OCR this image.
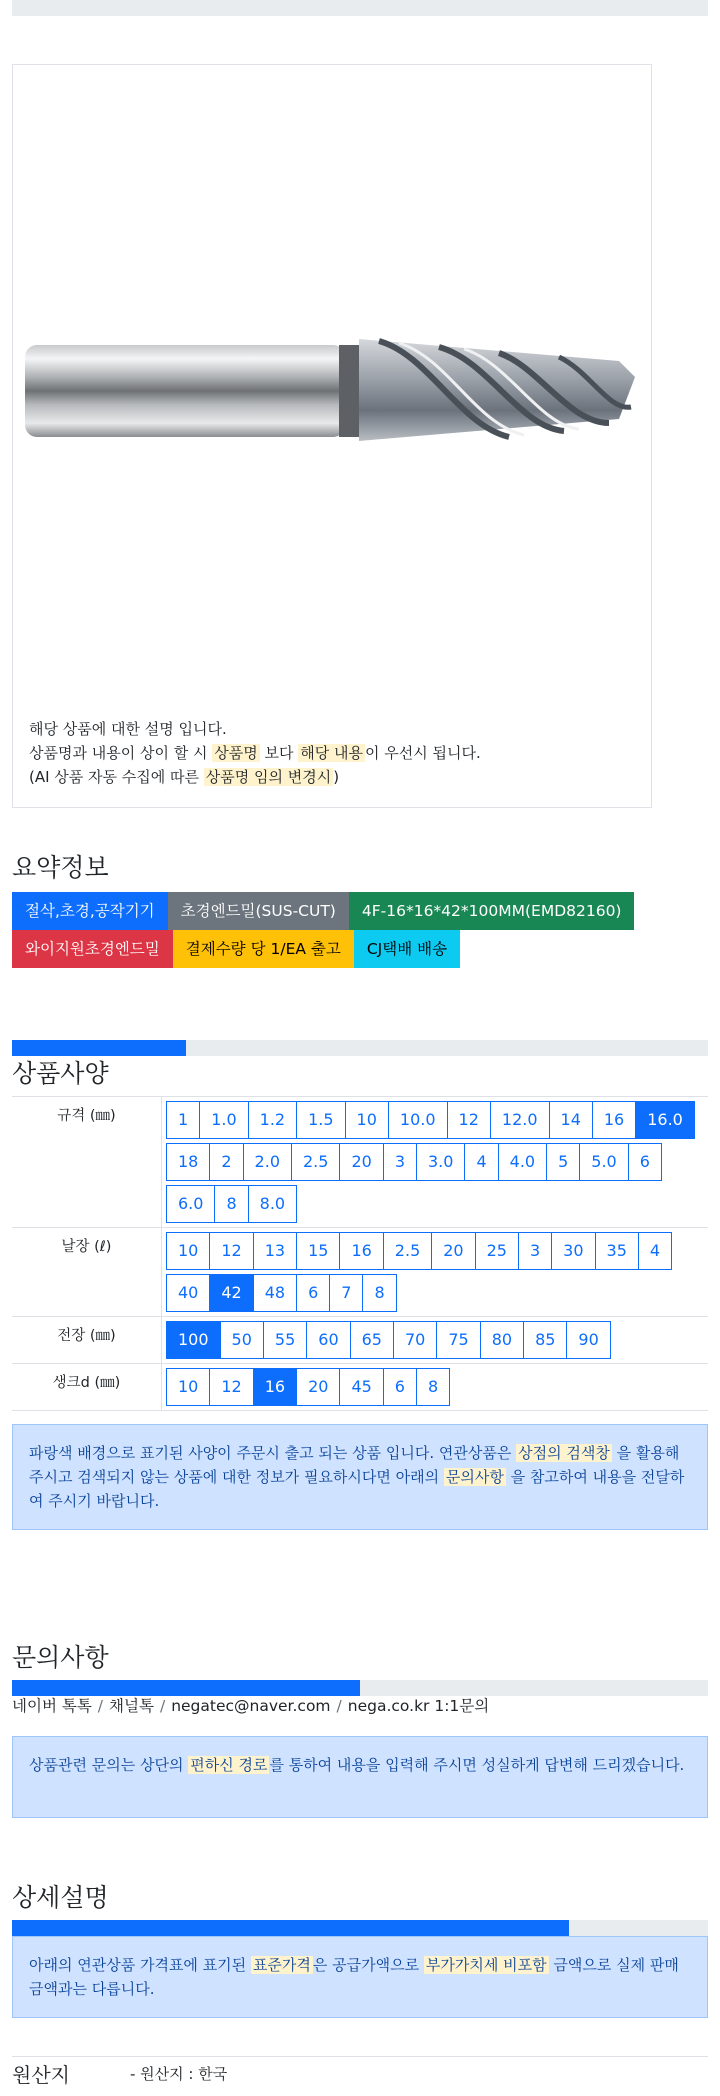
해당 상품에 대한 설명 입니다.
상품명과 내용이 상이 할 시 상품명 보다 해당 내용 이 우선시 됩니다.
(AI 상품 자동 수집에 따른 상품명 임의 변경시 )
요약정보
절삭,초경,공작기기	초경엔드밀(SUS-CUT)	4F-16*16*42*100MM(EMD82160)
와이지원초경엔드밀	결제수량 당 1/EA 출고	CJ택배 배송
상품사양
규격 (㎜)	1	1.0	1.2	1.5	10	10.0	12	12.0	14	16	16.0
18	2	2.0	2.5	20	3	3.0	4	4.0	5	5.0	6
6.0	8	8.0
날장 (ℓ)	10	12	13	15	16	2.5	20	25	3	30	35	4
40	42	48	6	7	8
전장 (㎜)	100	50	55	60	65	70	75	80	85	90
생크d (㎜)	10	12	16	20	45	6	8
파랑색 배경으로 표기된 사양이 주문시 출고 되는 상품 입니다. 연관상품은 상점의 검색창 을 활용해 주시고 검색되지 않는 상품에 대한 정보가 필요하시다면 아래의 문의사항 을 참고하여 내용을 전달하여 주시기 바랍니다.
문의사항
네이버 톡톡 / 채널톡 / negatec@naver.com / nega.co.kr 1:1문의
상품관련 문의는 상단의 편하신 경로 를 통하여 내용을 입력해 주시면 성실하게 답변해 드리겠습니다.
상세설명
아래의 연관상품 가격표에 표기된 표준가격 은 공급가액으로 부가가치세 비포함 금액으로 실제 판매금액과는 다릅니다.
원산지	- 원산지 : 한국
